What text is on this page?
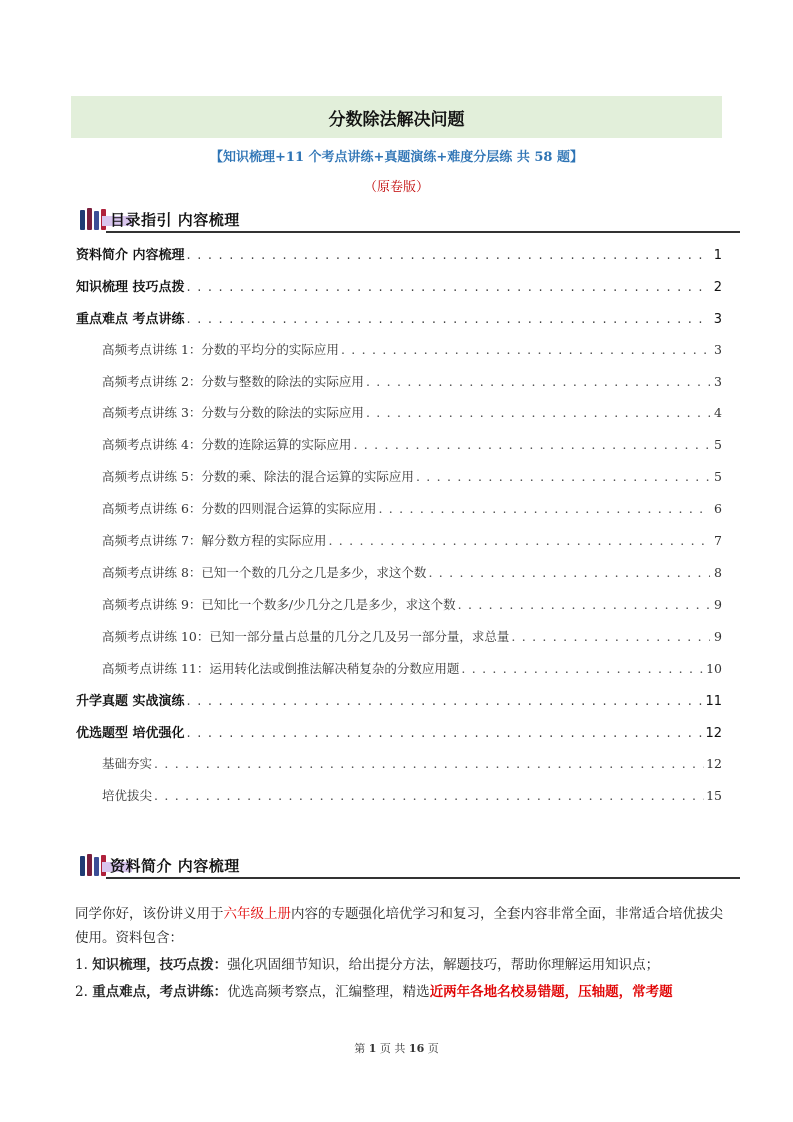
分数除法解决问题
【知识梳理+11 个考点讲练+真题演练+难度分层练 共 58 题】
（原卷版）
目录指引 内容梳理
资料简介 内容梳理 . . .	1
知识梳理 技巧点拨 . . .	2
重点难点 考点讲练 . . .	3
高频考点讲练 1：分数的平均分的实际应用 . . .	3
高频考点讲练 2：分数与整数的除法的实际应用 . . .	3
高频考点讲练 3：分数与分数的除法的实际应用 . . .	4
高频考点讲练 4：分数的连除运算的实际应用 . . .	5
高频考点讲练 5：分数的乘、除法的混合运算的实际应用 . . .	5
高频考点讲练 6：分数的四则混合运算的实际应用 . . .	6
高频考点讲练 7：解分数方程的实际应用 . . .	7
高频考点讲练 8：已知一个数的几分之几是多少，求这个数 . . .	8
高频考点讲练 9：已知比一个数多/少几分之几是多少，求这个数 . . .	9
高频考点讲练 10：已知一部分量占总量的几分之几及另一部分量，求总量 . . .	9
高频考点讲练 11：运用转化法或倒推法解决稍复杂的分数应用题 . . .	10
升学真题 实战演练 . . .	11
优选题型 培优强化 . . .	12
基础夯实 . . .	12
培优拔尖 . . .	15
资料简介 内容梳理

同学你好，该份讲义用于六年级上册内容的专题强化培优学习和复习，全套内容非常全面，非常适合培优拔尖使用。资料包含：

1. 知识梳理，技巧点拨：强化巩固细节知识，给出提分方法，解题技巧，帮助你理解运用知识点；

2. 重点难点，考点讲练：优选高频考察点，汇编整理，精选近两年各地名校易错题，压轴题，常考题

第 1 页 共 16 页
